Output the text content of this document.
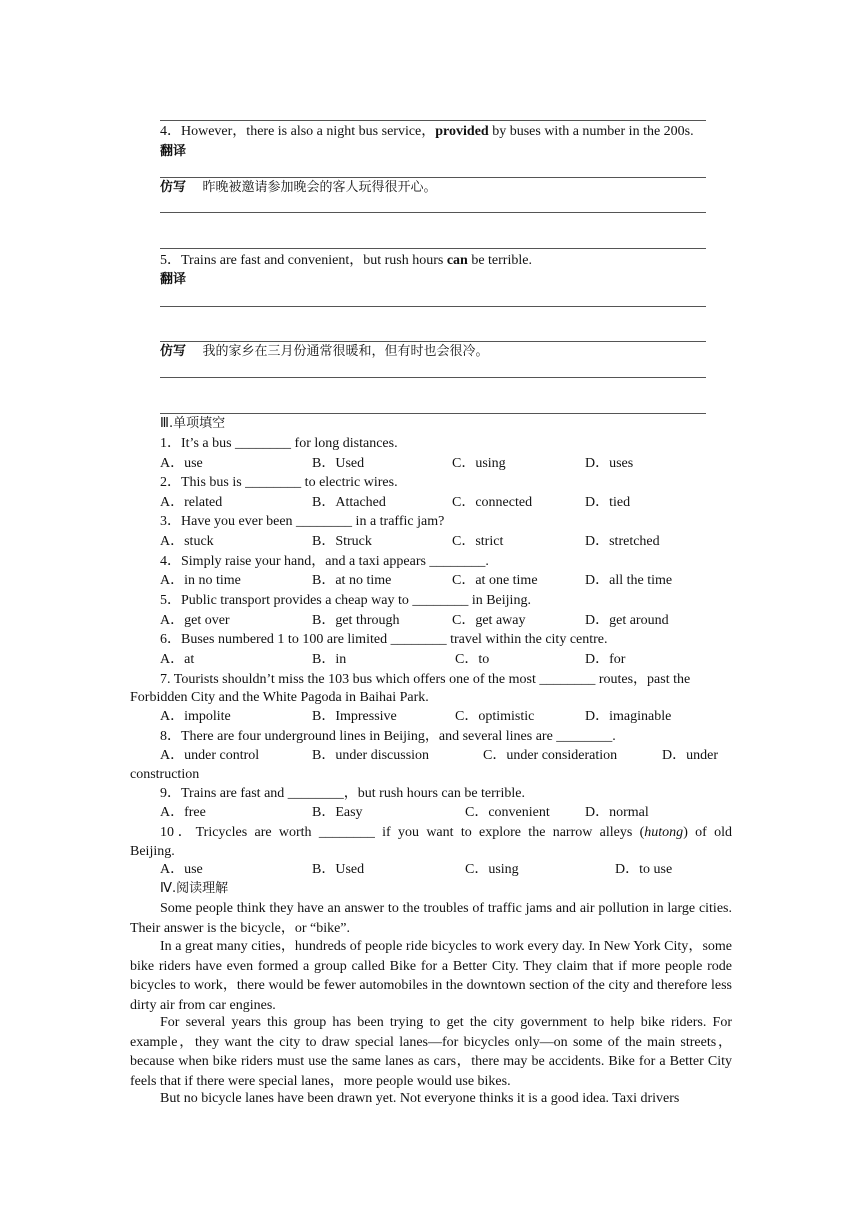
4．However，there is also a night bus service，provided by buses with a number in the 200s.
翻译
仿写 昨晚被邀请参加晚会的客人玩得很开心。
5．Trains are fast and convenient，but rush hours can be terrible.
翻译
仿写 我的家乡在三月份通常很暖和，但有时也会很冷。
Ⅲ.单项填空
1．It’s a bus ________ for long distances.
A．use	B．Used	C．using	D．uses
2．This bus is ________ to electric wires.
A．related	B．Attached	C．connected	D．tied
3．Have you ever been ________ in a traffic jam?
A．stuck	B．Struck	C．strict	D．stretched
4．Simply raise your hand，and a taxi appears ________.
A．in no time	B．at no time	C．at one time	D．all the time
5．Public transport provides a cheap way to ________ in Beijing.
A．get over	B．get through	C．get away	D．get around
6．Buses numbered 1 to 100 are limited ________ travel within the city centre.
A．at	B．in	C．to	D．for
7. Tourists shouldn’t miss the 103 bus which offers one of the most ________ routes，past the
Forbidden City and the White Pagoda in Baihai Park.
A．impolite	B．Impressive	C．optimistic	D．imaginable
8．There are four underground lines in Beijing，and several lines are ________.
A．under control	B．under discussion	C．under consideration	D．under
construction
9．Trains are fast and ________，but rush hours can be terrible.
A．free	B．Easy	C．convenient	D．normal
10．Tricycles are worth ________ if you want to explore the narrow alleys (hutong) of old
Beijing.
A．use	B．Used	C．using	D．to use
Ⅳ.阅读理解
Some people think they have an answer to the troubles of traffic jams and air pollution in large cities. Their answer is the bicycle，or “bike”.
In a great many cities，hundreds of people ride bicycles to work every day. In New York City，some bike riders have even formed a group called Bike for a Better City. They claim that if more people rode bicycles to work，there would be fewer automobiles in the downtown section of the city and therefore less dirty air from car engines.
For several years this group has been trying to get the city government to help bike riders. For example，they want the city to draw special lanes—for bicycles only—on some of the main streets，because when bike riders must use the same lanes as cars，there may be accidents. Bike for a Better City feels that if there were special lanes，more people would use bikes.
But no bicycle lanes have been drawn yet. Not everyone thinks it is a good idea. Taxi drivers
